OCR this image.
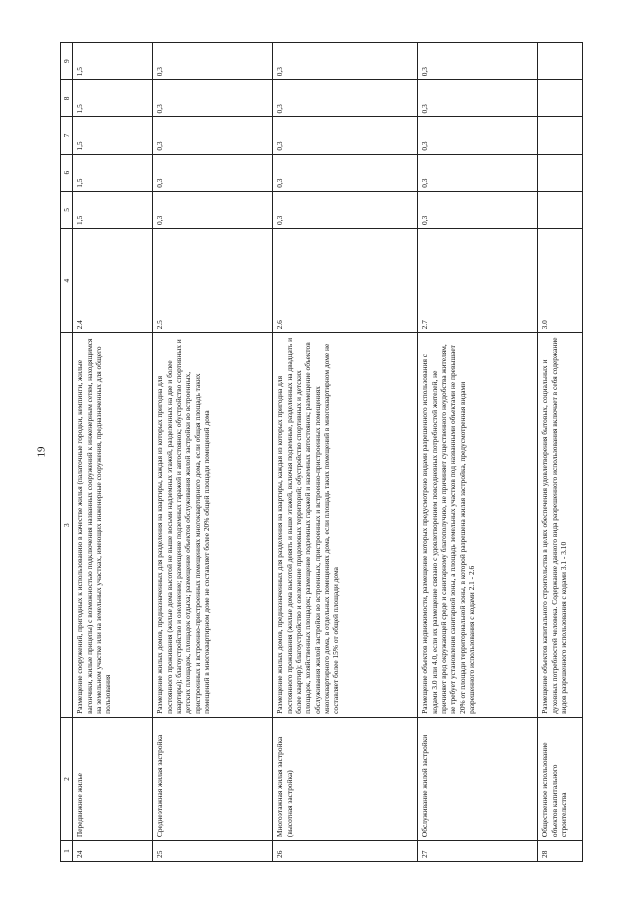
19
1	2	3	4	5	6	7	8	9
24	Передвижное жилье	Размещение сооружений, пригодных к использованию в качестве жилья (палаточные городки, кемпинги, жилые вагончики, жилые прицепы) с возможностью подключения названных сооружений к инженерным сетям, находящимся на земельном участке или на земельных участках, имеющих инженерные сооружения, предназначенных для общего пользования	2.4	1,5	1,5	1,5	1,5	1,5
25	Среднеэтажная жилая застройка	Размещение жилых домов, предназначенных для разделения на квартиры, каждая из которых пригодна для постоянного проживания (жилые дома высотой не выше восьми надземных этажей, разделенных на две и более квартиры); благоустройство и озеленение; размещение подземных гаражей и автостоянок; обустройство спортивных и детских площадок, площадок отдыха; размещение объектов обслуживания жилой застройки во встроенных, пристроенных и встроенно-пристроенных помещениях многоквартирного дома, если общая площадь таких помещений в многоквартирном доме не составляет более 20% общей площади помещений дома	2.5	0,3	0,3	0,3	0,3	0,3
26	Многоэтажная жилая застройка (высотная застройка)	Размещение жилых домов, предназначенных для разделения на квартиры, каждая из которых пригодна для постоянного проживания (жилые дома высотой девять и выше этажей, включая подземные, разделенных на двадцать и более квартир); благоустройство и озеленение придомовых территорий; обустройство спортивных и детских площадок, хозяйственных площадок; размещение подземных гаражей и наземных автостоянок; размещение объектов обслуживания жилой застройки во встроенных, пристроенных и встроенно-пристроенных помещениях многоквартирного дома, в отдельных помещениях дома, если площадь таких помещений в многоквартирном доме не составляет более 15% от общей площади дома	2.6	0,3	0,3	0,3	0,3	0,3
27	Обслуживание жилой застройки	Размещение объектов недвижимости, размещение которых предусмотрено видами разрешенного использования с кодами 3.0 или 4.0, если их размещение связано с удовлетворением повседневных потребностей жителей, не причиняет вред окружающей среде и санитарному благополучию, не причиняет существенного неудобства жителям, не требует установления санитарной зоны, а площадь земельных участков под названными объектами не превышает 20% от площади территориальной зоны, в которой разрешена жилая застройка, предусмотренная видами разрешенного использования с кодами 2.1 - 2.6	2.7	0,3	0,3	0,3	0,3	0,3
28	Общественное использование объектов капитального строительства	Размещение объектов капитального строительства в целях обеспечения удовлетворения бытовых, социальных и духовных потребностей человека. Содержание данного вида разрешенного использования включает в себя содержание видов разрешенного использования с кодами 3.1 - 3.10	3.0					
